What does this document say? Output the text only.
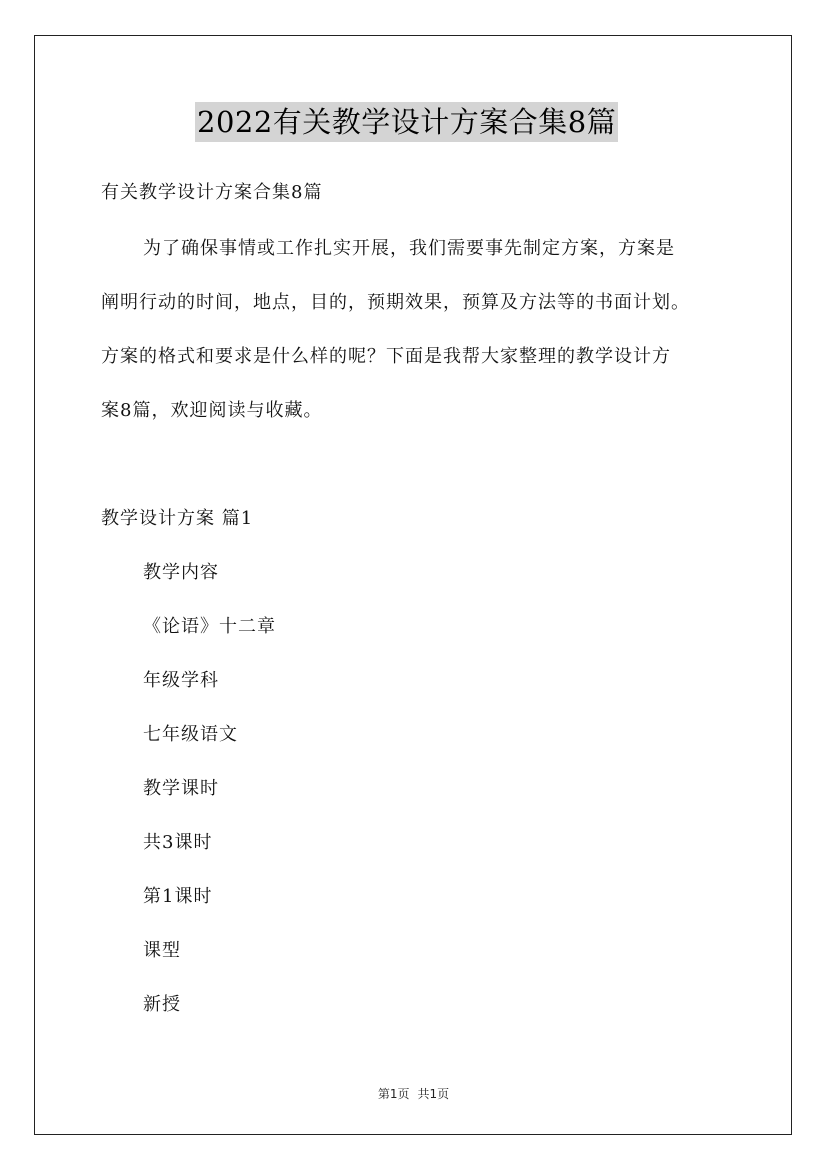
2022有关教学设计方案合集8篇
有关教学设计方案合集8篇
为了确保事情或工作扎实开展，我们需要事先制定方案，方案是
阐明行动的时间，地点，目的，预期效果，预算及方法等的书面计划。
方案的格式和要求是什么样的呢？下面是我帮大家整理的教学设计方
案8篇，欢迎阅读与收藏。
教学设计方案 篇1
教学内容
《论语》十二章
年级学科
七年级语文
教学课时
共3课时
第1课时
课型
新授
第1页 共1页
